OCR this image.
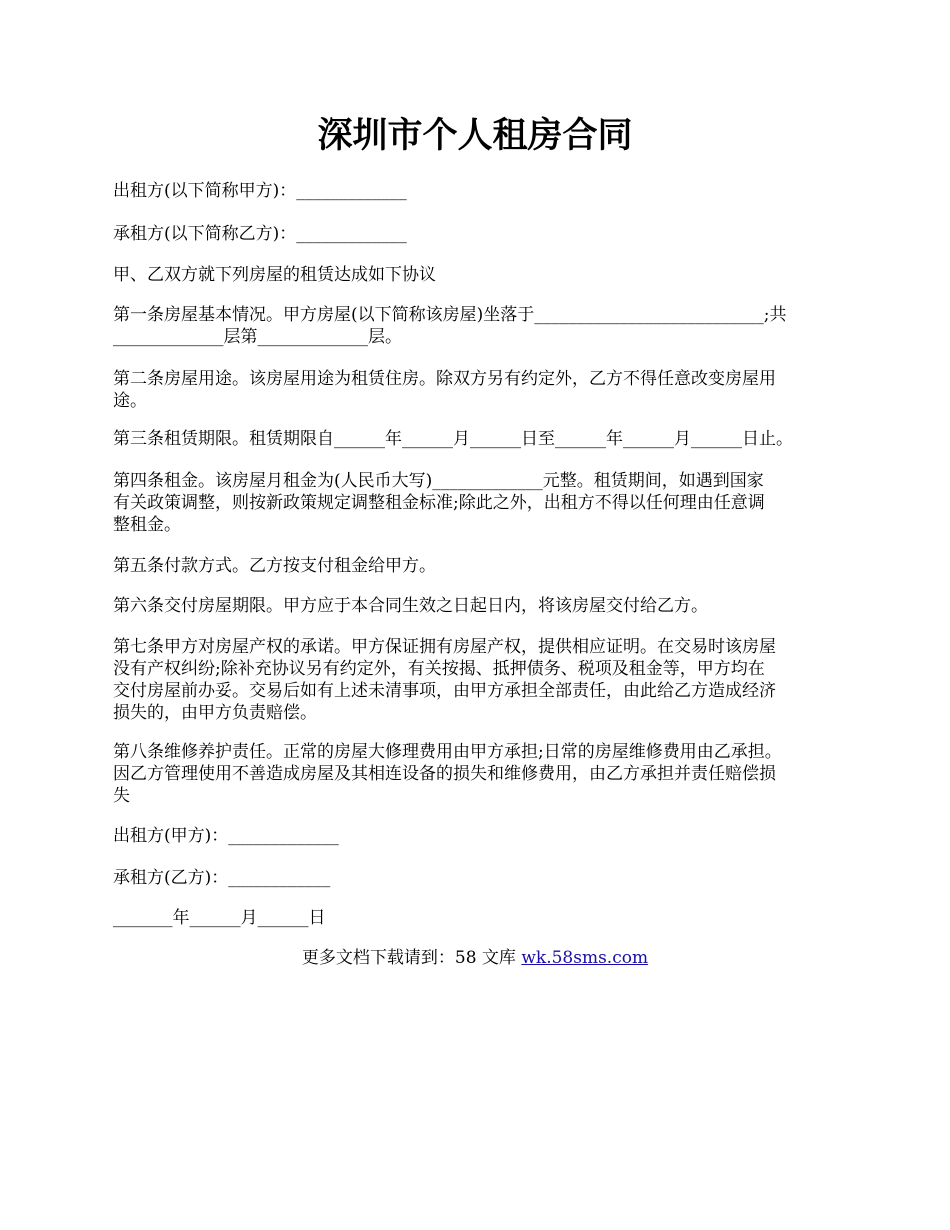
深圳市个人租房合同
出租方(以下简称甲方)：_____________
承租方(以下简称乙方)：_____________
甲、乙双方就下列房屋的租赁达成如下协议
第一条房屋基本情况。甲方房屋(以下简称该房屋)坐落于___________________________;共
_____________层第_____________层。
第二条房屋用途。该房屋用途为租赁住房。除双方另有约定外，乙方不得任意改变房屋用
途。
第三条租赁期限。租赁期限自______年______月______日至______年______月______日止。
第四条租金。该房屋月租金为(人民币大写)_____________元整。租赁期间，如遇到国家
有关政策调整，则按新政策规定调整租金标准;除此之外，出租方不得以任何理由任意调
整租金。
第五条付款方式。乙方按支付租金给甲方。
第六条交付房屋期限。甲方应于本合同生效之日起日内，将该房屋交付给乙方。
第七条甲方对房屋产权的承诺。甲方保证拥有房屋产权，提供相应证明。在交易时该房屋
没有产权纠纷;除补充协议另有约定外，有关按揭、抵押债务、税项及租金等，甲方均在
交付房屋前办妥。交易后如有上述未清事项，由甲方承担全部责任，由此给乙方造成经济
损失的，由甲方负责赔偿。
第八条维修养护责任。正常的房屋大修理费用由甲方承担;日常的房屋维修费用由乙承担。
因乙方管理使用不善造成房屋及其相连设备的损失和维修费用，由乙方承担并责任赔偿损
失
出租方(甲方)：_____________
承租方(乙方)：____________
_______年______月______日
更多文档下载请到：58 文库 wk.58sms.com
